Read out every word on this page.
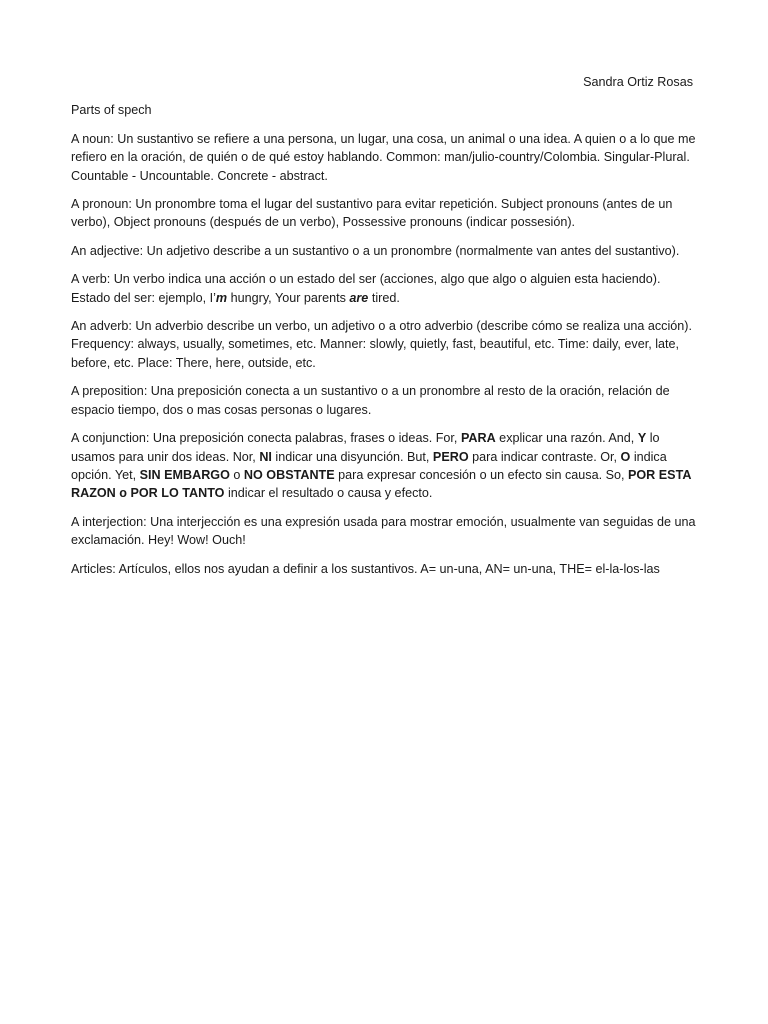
Sandra Ortiz Rosas

Parts of spech

A noun: Un sustantivo se refiere a una persona, un lugar, una cosa, un animal o una idea. A quien o a lo que me refiero en la oración, de quién o de qué estoy hablando. Common: man/julio-country/Colombia. Singular-Plural. Countable - Uncountable. Concrete - abstract.

A pronoun: Un pronombre toma el lugar del sustantivo para evitar repetición. Subject pronouns (antes de un verbo), Object pronouns (después de un verbo), Possessive pronouns (indicar possesión).

An adjective: Un adjetivo describe a un sustantivo o a un pronombre (normalmente van antes del sustantivo).

A verb: Un verbo indica una acción o un estado del ser (acciones, algo que algo o alguien esta haciendo). Estado del ser: ejemplo, I’m hungry, Your parents are tired.

An adverb: Un adverbio describe un verbo, un adjetivo o a otro adverbio (describe cómo se realiza una acción). Frequency: always, usually, sometimes, etc. Manner: slowly, quietly, fast, beautiful, etc. Time: daily, ever, late, before, etc. Place: There, here, outside, etc.

A preposition: Una preposición conecta a un sustantivo o a un pronombre al resto de la oración, relación de espacio tiempo, dos o mas cosas personas o lugares.

A conjunction: Una preposición conecta palabras, frases o ideas. For, PARA explicar una razón. And, Y lo usamos para unir dos ideas. Nor, NI indicar una disyunción. But, PERO para indicar contraste. Or, O indica opción. Yet, SIN EMBARGO o NO OBSTANTE para expresar concesión o un efecto sin causa. So, POR ESTA RAZON o POR LO TANTO indicar el resultado o causa y efecto.

A interjection: Una interjección es una expresión usada para mostrar emoción, usualmente van seguidas de una exclamación. Hey! Wow! Ouch!

Articles: Artículos, ellos nos ayudan a definir a los sustantivos. A= un-una, AN= un-una, THE= el-la-los-las
